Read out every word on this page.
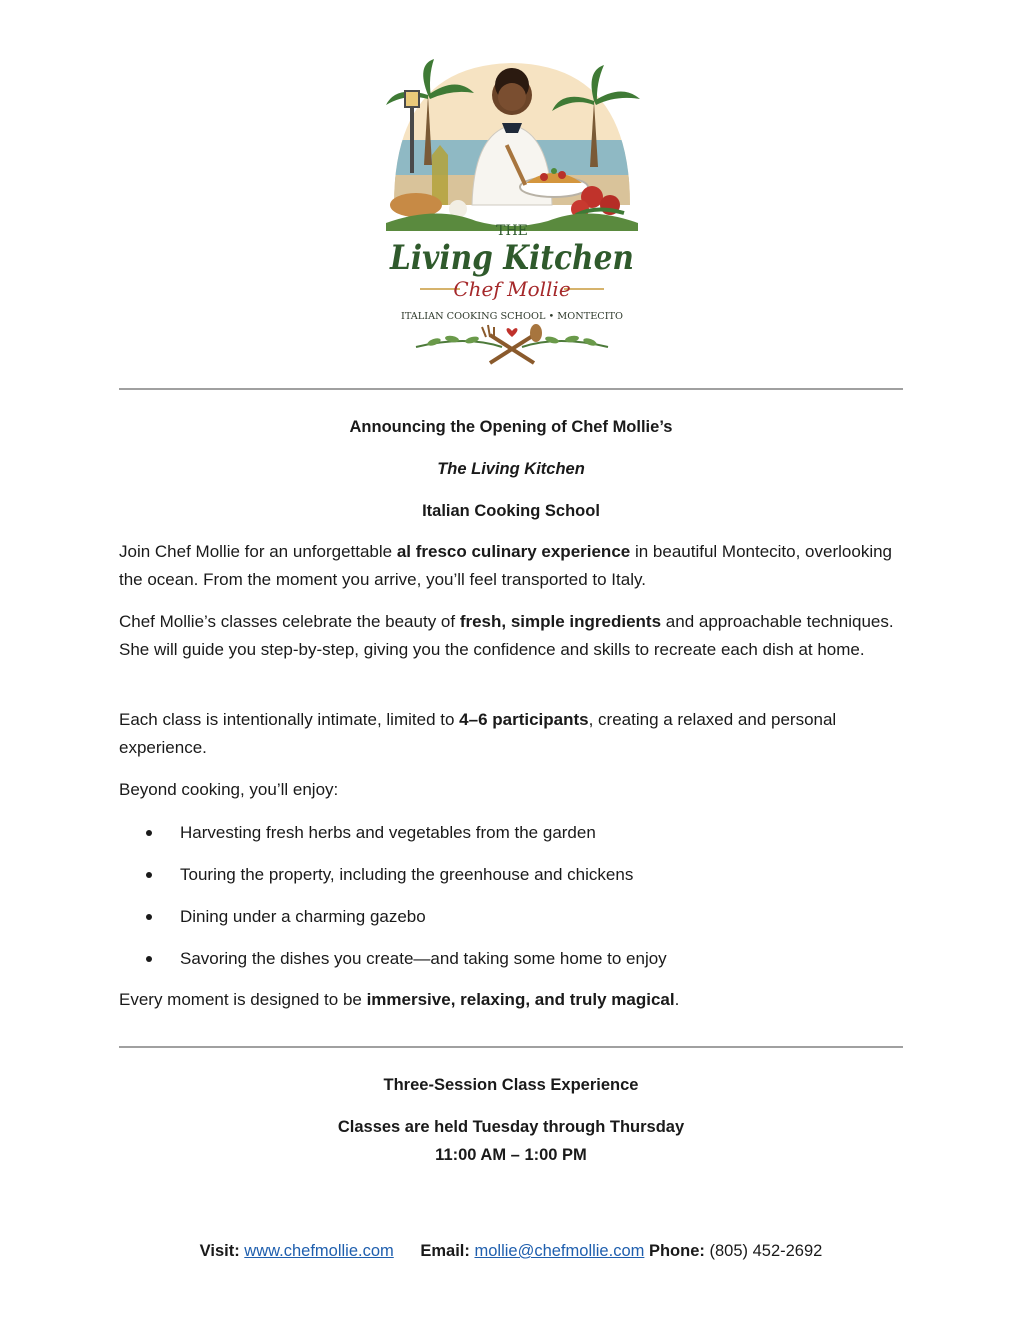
THE
Living Kitchen
Chef Mollie
ITALIAN COOKING SCHOOL • MONTECITO
Announcing the Opening of Chef Mollie’s
The Living Kitchen
Italian Cooking School
Join Chef Mollie for an unforgettable al fresco culinary experience in beautiful Montecito, overlooking the ocean. From the moment you arrive, you’ll feel transported to Italy.
Chef Mollie’s classes celebrate the beauty of fresh, simple ingredients and approachable techniques. She will guide you step-by-step, giving you the confidence and skills to recreate each dish at home.
Each class is intentionally intimate, limited to 4–6 participants, creating a relaxed and personal experience.
Beyond cooking, you’ll enjoy:
Harvesting fresh herbs and vegetables from the garden
Touring the property, including the greenhouse and chickens
Dining under a charming gazebo
Savoring the dishes you create—and taking some home to enjoy
Every moment is designed to be immersive, relaxing, and truly magical.
Three-Session Class Experience
Classes are held Tuesday through Thursday
11:00 AM – 1:00 PM
Visit: www.chefmollie.com Email: mollie@chefmollie.com Phone: (805) 452-2692
